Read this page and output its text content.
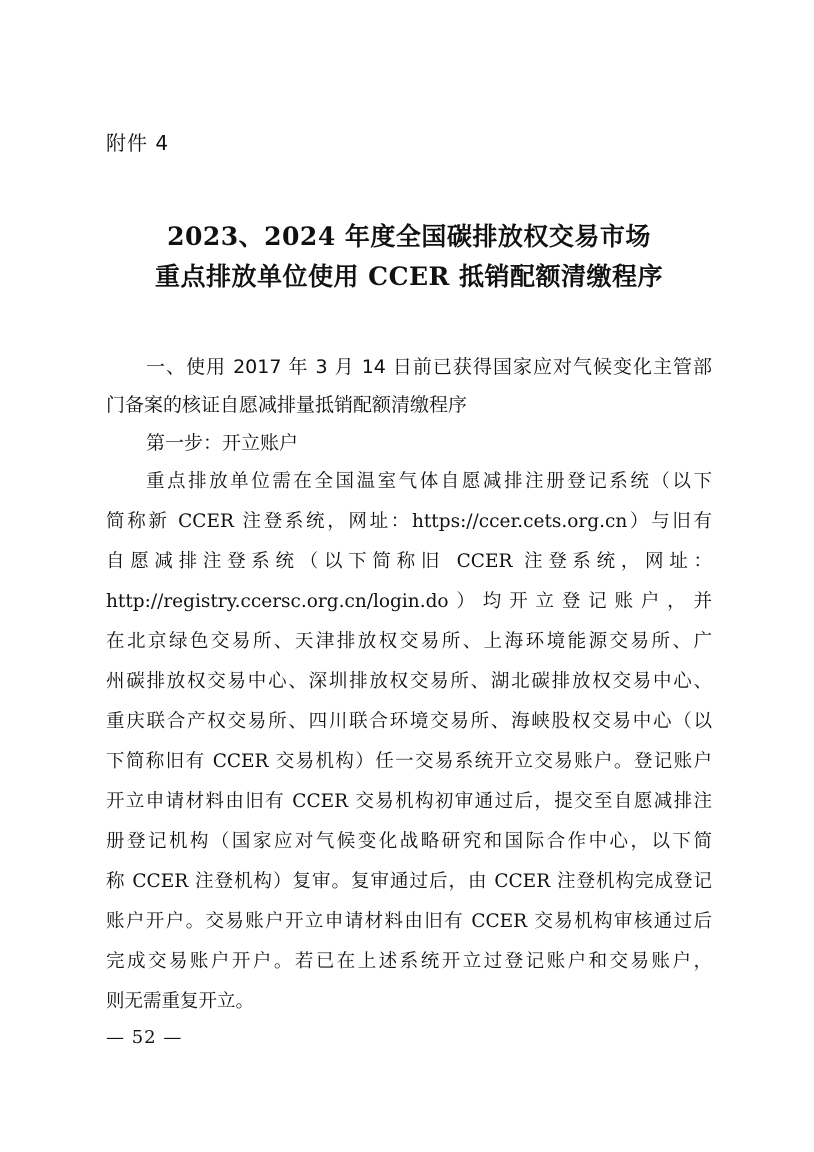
附件 4
2023、2024 年度全国碳排放权交易市场
重点排放单位使用 CCER 抵销配额清缴程序
一、使用 2017 年 3 月 14 日前已获得国家应对气候变化主管部
门备案的核证自愿减排量抵销配额清缴程序
第一步：开立账户
重点排放单位需在全国温室气体自愿减排注册登记系统（以下
简称新 CCER 注登系统，网址：https://ccer.cets.org.cn）与旧有
自愿减排注登系统（以下简称旧 CCER 注登系统，网址：
http://registry.ccersc.org.cn/login.do）均开立登记账户，并
在北京绿色交易所、天津排放权交易所、上海环境能源交易所、广
州碳排放权交易中心、深圳排放权交易所、湖北碳排放权交易中心、
重庆联合产权交易所、四川联合环境交易所、海峡股权交易中心（以
下简称旧有 CCER 交易机构）任一交易系统开立交易账户。登记账户
开立申请材料由旧有 CCER 交易机构初审通过后，提交至自愿减排注
册登记机构（国家应对气候变化战略研究和国际合作中心，以下简
称 CCER 注登机构）复审。复审通过后，由 CCER 注登机构完成登记
账户开户。交易账户开立申请材料由旧有 CCER 交易机构审核通过后
完成交易账户开户。若已在上述系统开立过登记账户和交易账户，
则无需重复开立。
— 52 —
